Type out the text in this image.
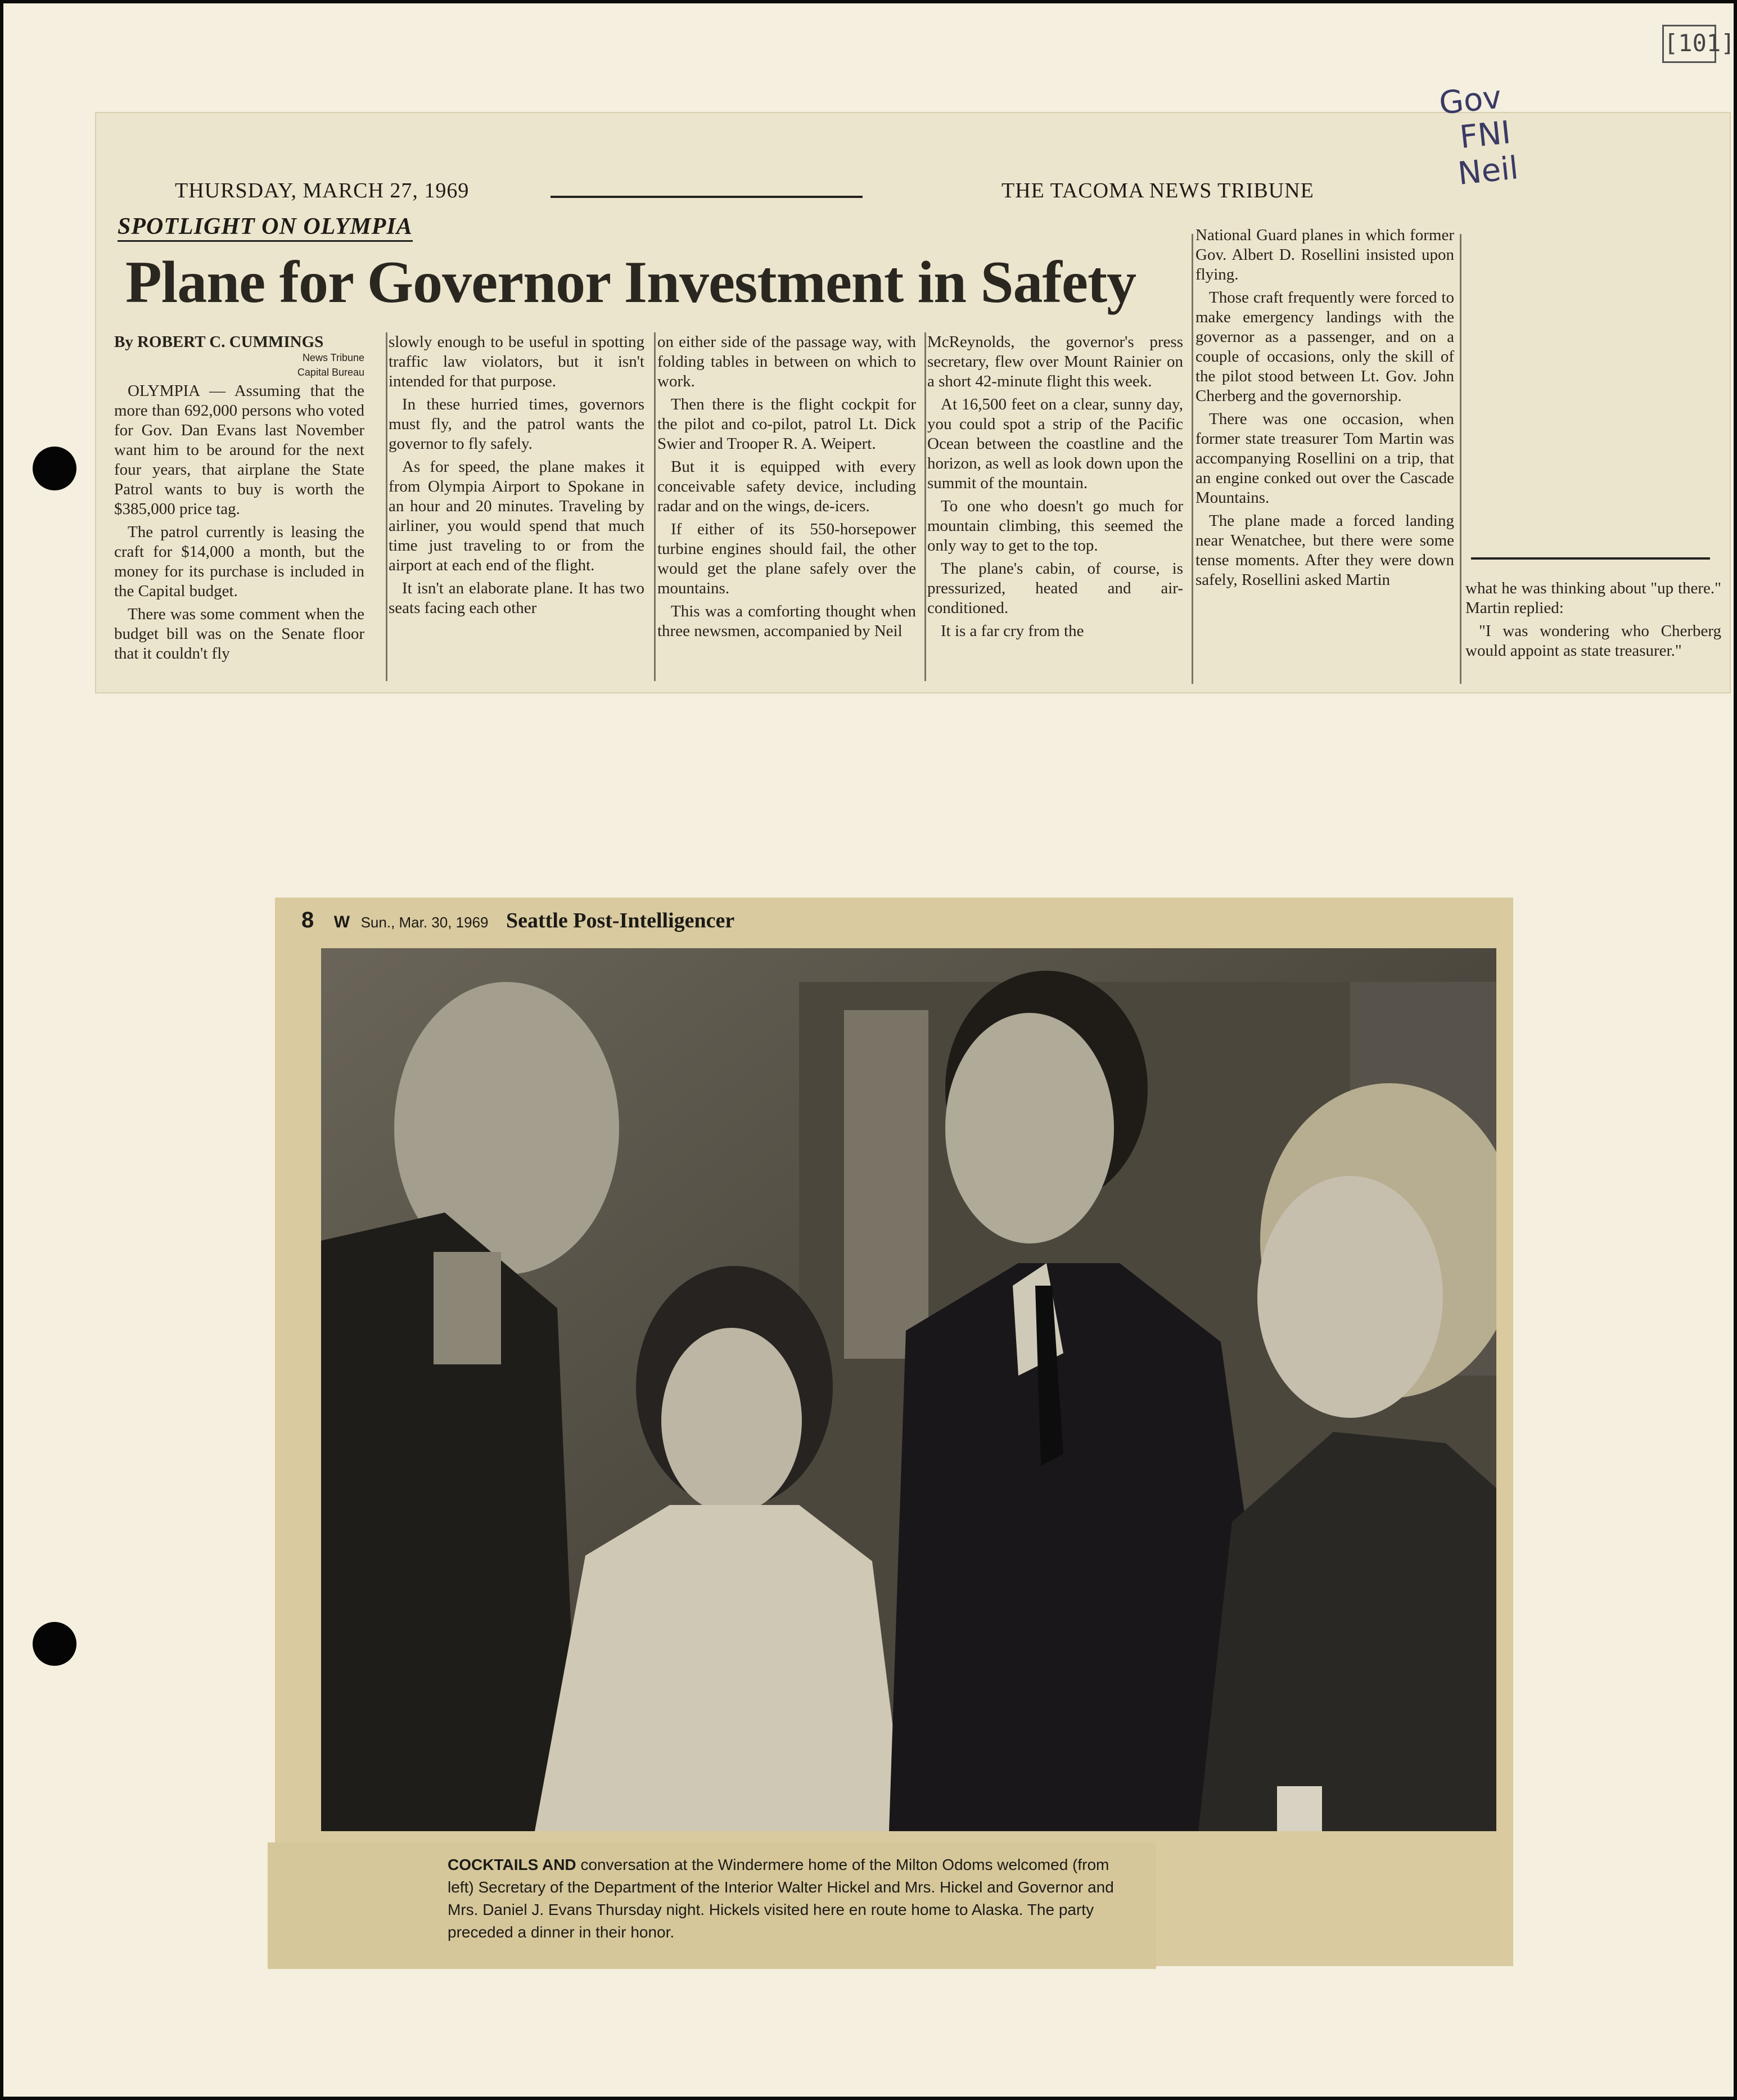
[101]
THURSDAY, MARCH 27, 1969	THE TACOMA NEWS TRIBUNE
SPOTLIGHT ON OLYMPIA
Plane for Governor Investment in Safety
By ROBERT C. CUMMINGS
News Tribune
Capital Bureau

OLYMPIA — Assuming that the more than 692,000 persons who voted for Gov. Dan Evans last November want him to be around for the next four years, that airplane the State Patrol wants to buy is worth the $385,000 price tag.

The patrol currently is leasing the craft for $14,000 a month, but the money for its purchase is included in the Capital budget.

There was some comment when the budget bill was on the Senate floor that it couldn't fly

slowly enough to be useful in spotting traffic law violators, but it isn't intended for that purpose.

In these hurried times, governors must fly, and the patrol wants the governor to fly safely.

As for speed, the plane makes it from Olympia Airport to Spokane in an hour and 20 minutes. Traveling by airliner, you would spend that much time just traveling to or from the airport at each end of the flight.

It isn't an elaborate plane. It has two seats facing each other

on either side of the passage way, with folding tables in between on which to work.

Then there is the flight cockpit for the pilot and co-pilot, patrol Lt. Dick Swier and Trooper R. A. Weipert.

But it is equipped with every conceivable safety device, including radar and on the wings, de-icers.

If either of its 550-horsepower turbine engines should fail, the other would get the plane safely over the mountains.

This was a comforting thought when three newsmen, accompanied by Neil

McReynolds, the governor's press secretary, flew over Mount Rainier on a short 42-minute flight this week.

At 16,500 feet on a clear, sunny day, you could spot a strip of the Pacific Ocean between the coastline and the horizon, as well as look down upon the summit of the mountain.

To one who doesn't go much for mountain climbing, this seemed the only way to get to the top.

The plane's cabin, of course, is pressurized, heated and air-conditioned.

It is a far cry from the

National Guard planes in which former Gov. Albert D. Rosellini insisted upon flying.

Those craft frequently were forced to make emergency landings with the governor as a passenger, and on a couple of occasions, only the skill of the pilot stood between Lt. Gov. John Cherberg and the governorship.

There was one occasion, when former state treasurer Tom Martin was accompanying Rosellini on a trip, that an engine conked out over the Cascade Mountains.

The plane made a forced landing near Wenatchee, but there were some tense moments. After they were down safely, Rosellini asked Martin	what he was thinking about "up there." Martin replied:

"I was wondering who Cherberg would appoint as state treasurer."

Gov
FNI
Neil
8 W Sun., Mar. 30, 1969 Seattle Post-Intelligencer
COCKTAILS AND conversation at the Windermere home of the Milton Odoms welcomed (from left) Secretary of the Department of the Interior Walter Hickel and Mrs. Hickel and Governor and Mrs. Daniel J. Evans Thursday night. Hickels visited here en route home to Alaska. The party preceded a dinner in their honor.
